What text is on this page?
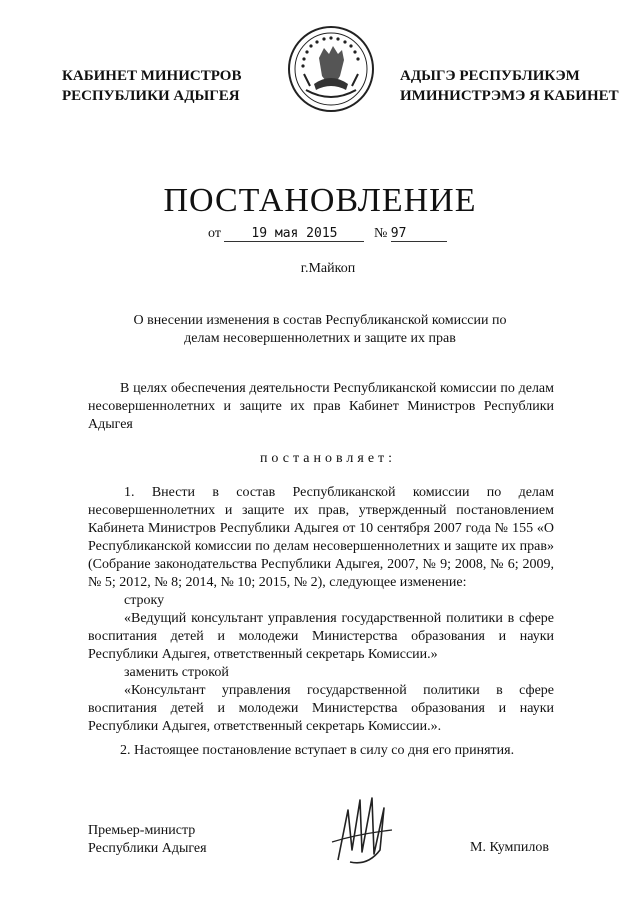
КАБИНЕТ МИНИСТРОВ
РЕСПУБЛИКИ АДЫГЕЯ
АДЫГЭ РЕСПУБЛИКЭМ
ИМИНИСТРЭМЭ Я КАБИНЕТ
ПОСТАНОВЛЕНИЕ
от 19 мая 2015	№ 97
г.Майкоп
О внесении изменения в состав Республиканской комиссии по
делам несовершеннолетних и защите их прав
В целях обеспечения деятельности Республиканской комиссии по делам несовершеннолетних и защите их прав Кабинет Министров Республики Адыгея
постановляет:
1. Внести в состав Республиканской комиссии по делам несовершеннолетних и защите их прав, утвержденный постановлением Кабинета Министров Республики Адыгея от 10 сентября 2007 года № 155 «О Республиканской комиссии по делам несовершеннолетних и защите их прав» (Собрание законодательства Республики Адыгея, 2007, № 9; 2008, № 6; 2009, № 5; 2012, № 8; 2014, № 10; 2015, № 2), следующее изменение:
строку
«Ведущий консультант управления государственной политики в сфере воспитания детей и молодежи Министерства образования и науки Республики Адыгея, ответственный секретарь Комиссии.»
заменить строкой
«Консультант управления государственной политики в сфере воспитания детей и молодежи Министерства образования и науки Республики Адыгея, ответственный секретарь Комиссии.».
2. Настоящее постановление вступает в силу со дня его принятия.
Премьер-министр
Республики Адыгея	М. Кумпилов
